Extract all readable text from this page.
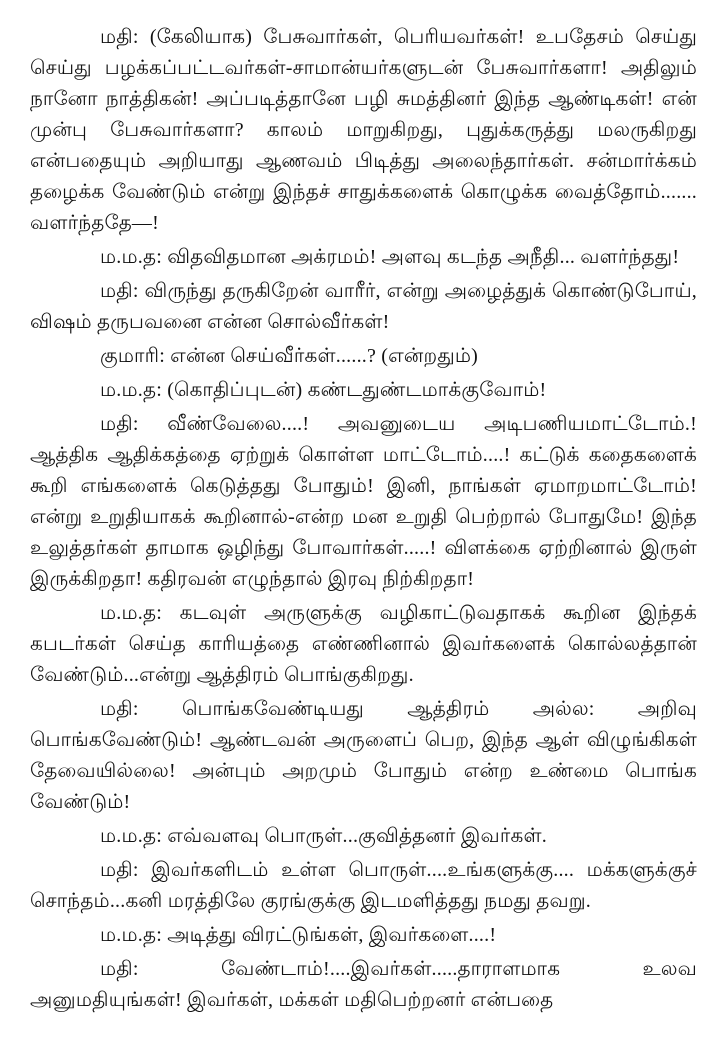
மதி: (கேலியாக) பேசுவார்கள், பெரியவர்கள்! உபதேசம் செய்து செய்து பழக்கப்பட்டவர்கள்-சாமான்யர்களுடன் பேசுவார்களா! அதிலும் நானோ நாத்திகன்! அப்படித்தானே பழி சுமத்தினர் இந்த ஆண்டிகள்! என் முன்பு பேசுவார்களா? காலம் மாறுகிறது, புதுக்கருத்து மலருகிறது என்பதையும் அறியாது ஆணவம் பிடித்து அலைந்தார்கள். சன்மார்க்கம் தழைக்க வேண்டும் என்று இந்தச் சாதுக்களைக் கொழுக்க வைத்தோம்....... வளர்ந்ததே—!

ம.ம.த: விதவிதமான அக்ரமம்! அளவு கடந்த அநீதி... வளர்ந்தது!

மதி: விருந்து தருகிறேன் வாரீர், என்று அழைத்துக் கொண்டுபோய், விஷம் தருபவனை என்ன சொல்வீர்கள்!

குமாரி: என்ன செய்வீர்கள்......? (என்றதும்)

ம.ம.த: (கொதிப்புடன்) கண்டதுண்டமாக்குவோம்!

மதி: வீண்வேலை....! அவனுடைய அடிபணியமாட்டோம்.! ஆத்திக ஆதிக்கத்தை ஏற்றுக் கொள்ள மாட்டோம்....! கட்டுக் கதைகளைக் கூறி எங்களைக் கெடுத்தது போதும்! இனி, நாங்கள் ஏமாறமாட்டோம்! என்று உறுதியாகக் கூறினால்-என்ற மன உறுதி பெற்றால் போதுமே! இந்த உலுத்தர்கள் தாமாக ஒழிந்து போவார்கள்.....! விளக்கை ஏற்றினால் இருள் இருக்கிறதா! கதிரவன் எழுந்தால் இரவு நிற்கிறதா!

ம.ம.த: கடவுள் அருளுக்கு வழிகாட்டுவதாகக் கூறின இந்தக் கபடர்கள் செய்த காரியத்தை எண்ணினால் இவர்களைக் கொல்லத்தான் வேண்டும்...என்று ஆத்திரம் பொங்குகிறது.

மதி: பொங்கவேண்டியது ஆத்திரம் அல்ல: அறிவு பொங்கவேண்டும்! ஆண்டவன் அருளைப் பெற, இந்த ஆள் விழுங்கிகள் தேவையில்லை! அன்பும் அறமும் போதும் என்ற உண்மை பொங்க வேண்டும்!

ம.ம.த: எவ்வளவு பொருள்...குவித்தனர் இவர்கள்.

மதி: இவர்களிடம் உள்ள பொருள்....உங்களுக்கு.... மக்களுக்குச் சொந்தம்...கனி மரத்திலே குரங்குக்கு இடமளித்தது நமது தவறு.

ம.ம.த: அடித்து விரட்டுங்கள், இவர்களை....!

மதி:	வேண்டாம்!....இவர்கள்.....தாராளமாக உலவ அனுமதியுங்கள்! இவர்கள், மக்கள் மதிபெற்றனர் என்பதை
